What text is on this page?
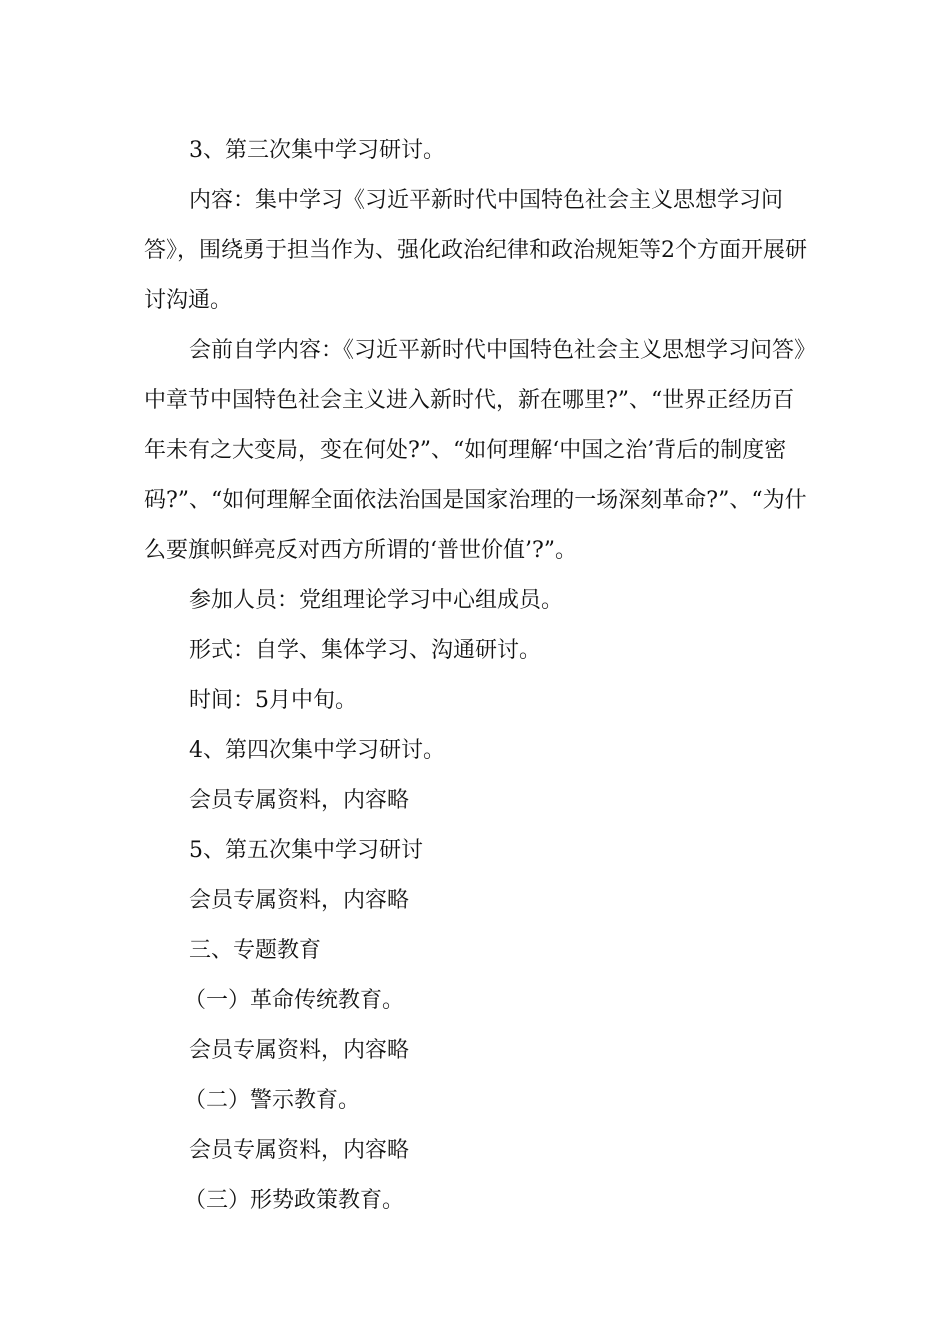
3、第三次集中学习研讨。

内容：集中学习《习近平新时代中国特色社会主义思想学习问答》，围绕勇于担当作为、强化政治纪律和政治规矩等2个方面开展研讨沟通。

会前自学内容：《习近平新时代中国特色社会主义思想学习问答》中章节中国特色社会主义进入新时代，新在哪里?”、“世界正经历百年未有之大变局，变在何处?”、“如何理解‘中国之治’背后的制度密码?”、“如何理解全面依法治国是国家治理的一场深刻革命?”、“为什么要旗帜鲜亮反对西方所谓的‘普世价值’?”。

参加人员：党组理论学习中心组成员。

形式：自学、集体学习、沟通研讨。

时间：5月中旬。

4、第四次集中学习研讨。

会员专属资料，内容略

5、第五次集中学习研讨

会员专属资料，内容略

三、专题教育

（一）革命传统教育。

会员专属资料，内容略

（二）警示教育。

会员专属资料，内容略

（三）形势政策教育。
